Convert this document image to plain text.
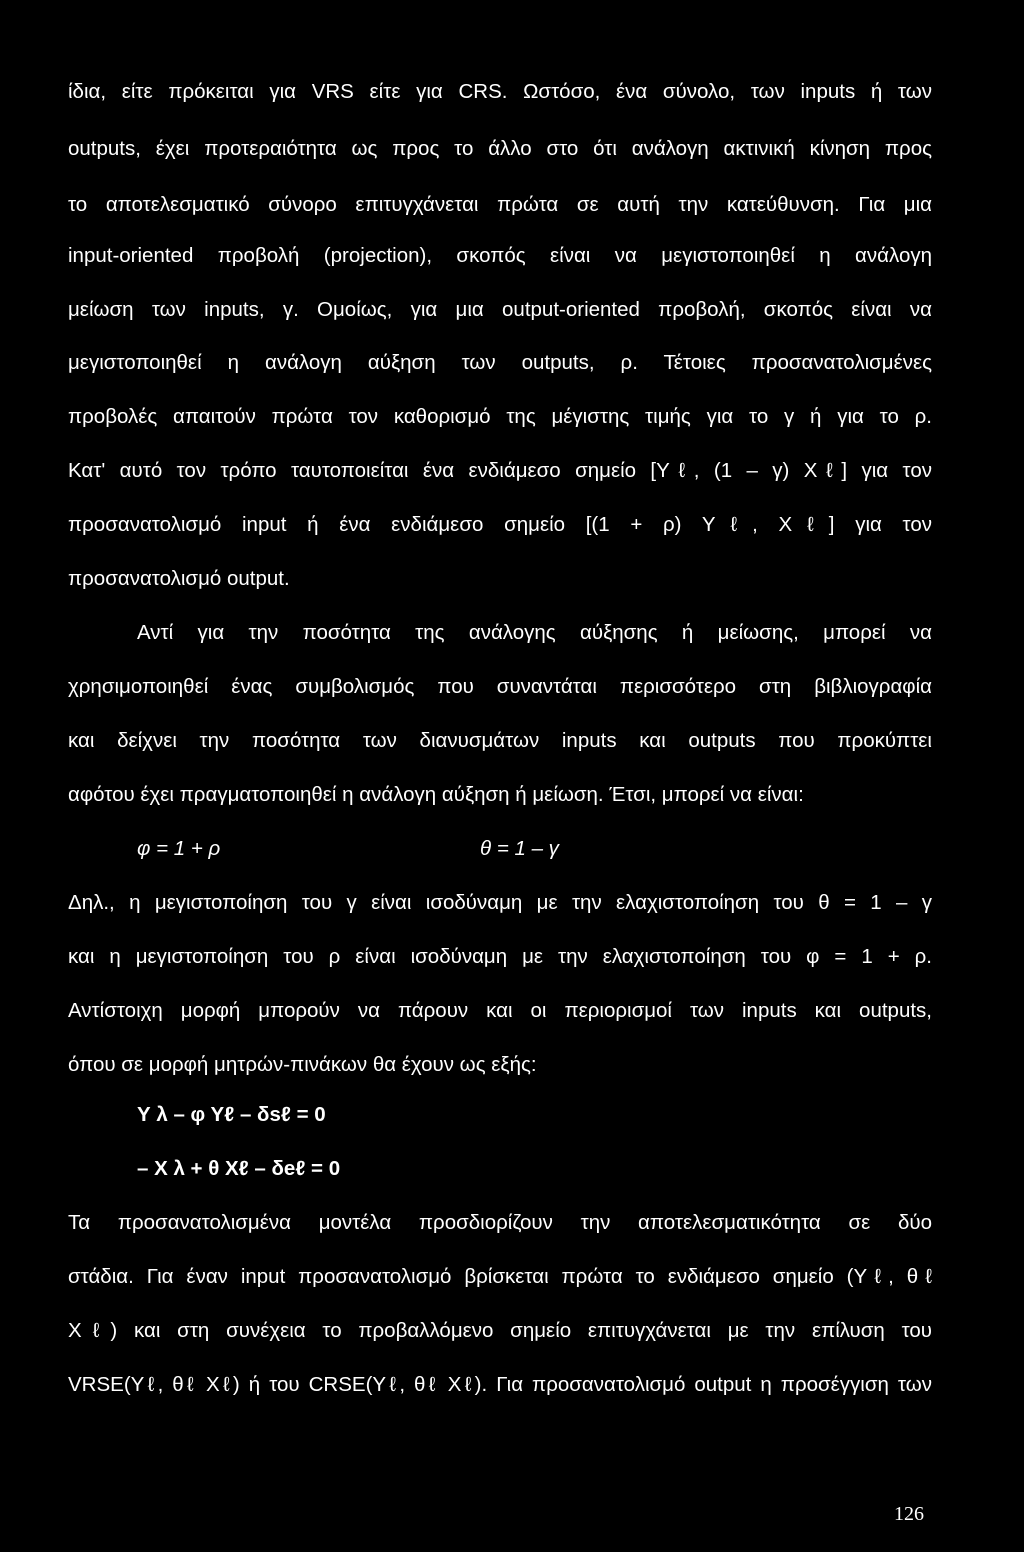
ίδια, είτε πρόκειται για VRS είτε για CRS. Ωστόσο, ένα σύνολο, των inputs ή των
outputs, έχει προτεραιότητα ως προς το άλλο στο ότι ανάλογη ακτινική κίνηση προς
το αποτελεσματικό σύνορο επιτυγχάνεται πρώτα σε αυτή την κατεύθυνση. Για μια
input-oriented προβολή (projection), σκοπός είναι να μεγιστοποιηθεί η ανάλογη
μείωση των inputs, γ. Ομοίως, για μια output-oriented προβολή, σκοπός είναι να
μεγιστοποιηθεί η ανάλογη αύξηση των outputs, ρ. Τέτοιες προσανατολισμένες
προβολές απαιτούν πρώτα τον καθορισμό της μέγιστης τιμής για το γ ή για το ρ.
Κατ' αυτό τον τρόπο ταυτοποιείται ένα ενδιάμεσο σημείο [Υℓ, (1 – γ) Χℓ] για τον
προσανατολισμό input ή ένα ενδιάμεσο σημείο [(1 + ρ) Υℓ, Χℓ] για τον
προσανατολισμό output.
Αντί για την ποσότητα της ανάλογης αύξησης ή μείωσης, μπορεί να
χρησιμοποιηθεί ένας συμβολισμός που συναντάται περισσότερο στη βιβλιογραφία
και δείχνει την ποσότητα των διανυσμάτων inputs και outputs που προκύπτει
αφότου έχει πραγματοποιηθεί η ανάλογη αύξηση ή μείωση. Έτσι, μπορεί να είναι:
φ = 1 + ρ	θ = 1 – γ
Δηλ., η μεγιστοποίηση του γ είναι ισοδύναμη με την ελαχιστοποίηση του θ = 1 – γ
και η μεγιστοποίηση του ρ είναι ισοδύναμη με την ελαχιστοποίηση του φ = 1 + ρ.
Αντίστοιχη μορφή μπορούν να πάρουν και οι περιορισμοί των inputs και outputs,
όπου σε μορφή μητρών-πινάκων θα έχουν ως εξής:
Υ λ – φ Υℓ – δsℓ = 0
– Χ λ + θ Χℓ – δeℓ = 0
Τα προσανατολισμένα μοντέλα προσδιορίζουν την αποτελεσματικότητα σε δύο
στάδια. Για έναν input προσανατολισμό βρίσκεται πρώτα το ενδιάμεσο σημείο (Υℓ, θℓ
Χℓ) και στη συνέχεια το προβαλλόμενο σημείο επιτυγχάνεται με την επίλυση του
VRSE(Υℓ, θℓ Χℓ) ή του CRSE(Υℓ, θℓ Χℓ). Για προσανατολισμό output η προσέγγιση των
126
